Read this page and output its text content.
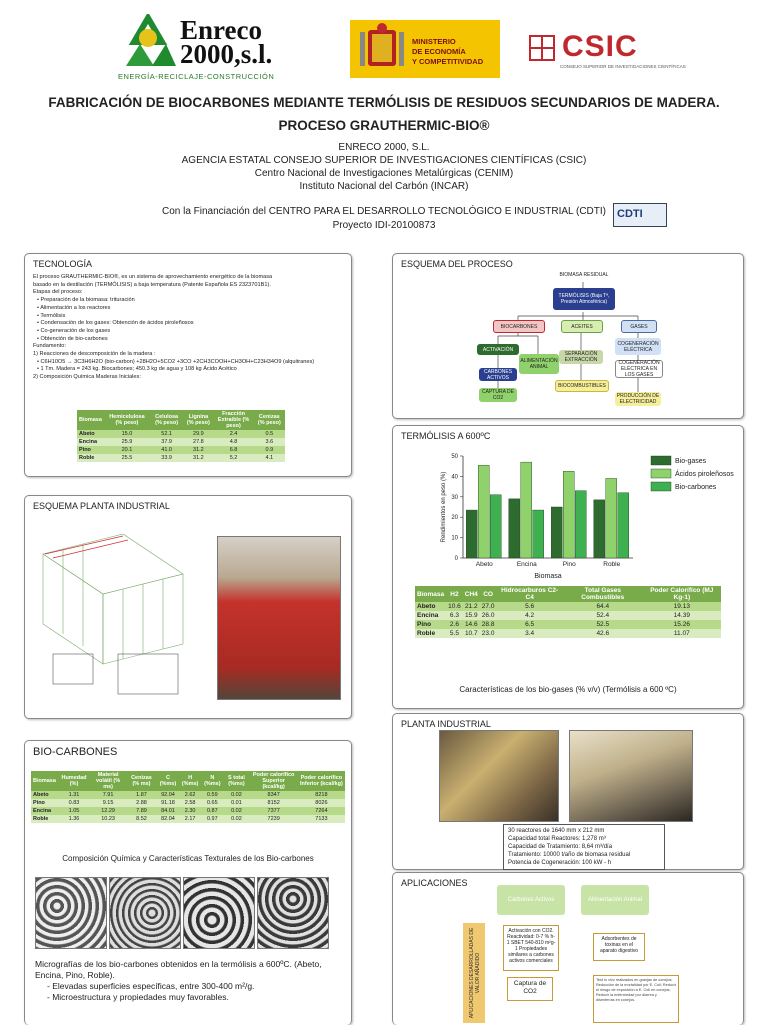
Enreco 2000,s.l.
ENERGÍA-RECICLAJE-CONSTRUCCIÓN
MINISTERIO
DE ECONOMÍA
Y COMPETITIVIDAD	CSIC
CONSEJO SUPERIOR DE INVESTIGACIONES CIENTÍFICAS
FABRICACIÓN DE BIOCARBONES MEDIANTE TERMÓLISIS DE RESIDUOS SECUNDARIOS DE MADERA.
PROCESO GRAUTHERMIC-BIO®
ENRECO 2000, S.L.
AGENCIA ESTATAL CONSEJO SUPERIOR DE INVESTIGACIONES CIENTÍFICAS (CSIC)
Centro Nacional de Investigaciones Metalúrgicas (CENIM)
Instituto Nacional del Carbón (INCAR)
Con la Financiación del CENTRO PARA EL DESARROLLO TECNOLÓGICO E INDUSTRIAL (CDTI)
Proyecto IDI-20100873
CDTI
TECNOLOGÍA
El proceso GRAUTHERMIC-BIO®, es un sistema de aprovechamiento energético de la biomasa
basado en la destilación (TERMÓLISIS) a baja temperatura (Patente Española ES 2323701B1).
Etapas del proceso:
• Preparación de la biomasa: trituración
• Alimentación a los reactores
• Termólisis
• Condensación de los gases: Obtención de ácidos piroleñosos
• Co-generación de los gases
• Obtención de bio-carbones
Fundamento:
1) Reacciones de descomposición de la madera :
• C6H10O5 → 3C3H6H2O (bio-carbon) +28H2O+5CO2 +3CO +2CH3COOH+CH3OH+C23H34O9 (alquitranes)
• 1 Tm. Madera = 243 kg. Biocarbones; 450.3 kg de agua y 108 kg Ácido Acético
2) Composición Química Maderas Iniciales:
Biomasa	Hemicelulosa (% peso)	Celulosa (% peso)	Lignina (% peso)	Fracción Extraíble (% peso)	Cenizas (% peso)
Abeto	15.0	52.1	29.9	2.4	0.5
Encina	25.9	37.9	27.8	4.8	3.6
Pino	20.1	41.0	31.2	6.8	0.9
Roble	25.5	33.9	31.2	5.2	4.1
ESQUEMA DEL PROCESO
BIOMASA RESIDUAL
TERMÓLISIS (Baja Tª, Presión Atmosférica)
BIOCARBONES	ACEITES	GASES
ACTIVACIÓN
ALIMENTACIÓN ANIMAL
SEPARACIÓN EXTRACCIÓN
COGENERACIÓN ELÉCTRICA
CARBONES ACTIVOS
CAPTURA DE CO2
BIOCOMBUSTIBLES
COGENERACIÓN ELÉCTRICA EN LOS GASES
PRODUCCIÓN DE ELECTRICIDAD
TERMÓLISIS A 600ºC
0
10
20
30
40
50
Abeto	Encina	Pino	Roble
Biomasa
Rendimientos en peso (%)
Bio-gases
Ácidos piroleñosos
Bio-carbones
Biomasa	H2	CH4	CO	Hidrocarburos C2-C4	Total Gases Combustibles	Poder Calorífico (MJ Kg-1)
Abeto	10.6	21.2	27.0	5.6	64.4	19.13
Encina	6.3	15.9	26.0	4.2	52.4	14.39
Pino	2.6	14.6	28.8	6.5	52.5	15.26
Roble	5.5	10.7	23.0	3.4	42.6	11.07
Características de los bio-gases (% v/v) (Termólisis a 600 ºC)
ESQUEMA PLANTA INDUSTRIAL
PLANTA INDUSTRIAL
30 reactores de 1640 mm x 212 mm
Capacidad total Reactores: 1,278 m³
Capacidad de Tratamiento: 8,64 m³/día
Tratamiento: 10000 t/año de biomasa residual
Potencia de Cogeneración: 100 kW - h
BIO-CARBONES
Biomasa	Humedad (%)	Material volátil (% ms)	Cenizas (% ms)	C (%ms)	H (%ms)	N (%ms)	S total (%ms)	Poder calorífico Superior (kcal/kg)	Poder calorífico Inferior (kcal/kg)
Abeto	1.31	7.91	1.87	92.04	2.62	0.59	0.02	8347	8218
Pino	0.83	9.15	2.88	91.18	2.58	0.65	0.01	8152	8026
Encina	1.05	12.29	7.89	84.01	2.30	0.87	0.02	7377	7264
Roble	1.36	10.23	8.52	82.04	2.17	0.97	0.02	7239	7133
Composición Química y Características Texturales de los Bio-carbones
Micrografías de los bio-carbones obtenidos en la termólisis a 600ºC. (Abeto, Encina, Pino, Roble).
- Elevadas superficies específicas, entre 300-400 m²/g.
- Microestructura y propiedades muy favorables.
APLICACIONES
Carbones Activos	Alimentación Animal
APLICACIONES DESARROLLADAS DE VALOR AÑADIDO
Activación con CO2. Reactividad: 0-7 % h-1 SBET 540-810 m²g-1 Propiedades similares a carbones activos comerciales
Adsorbentes de toxinas en el aparato digestivo
Captura de CO2
Test in vivo realizados en granjas de conejos: Reducción de la mortalidad por E. Coli; Reducir el riesgo de exposición a E. Coli en conejos; Reducir la enfermedad por diarrea y disenterías en conejos.
